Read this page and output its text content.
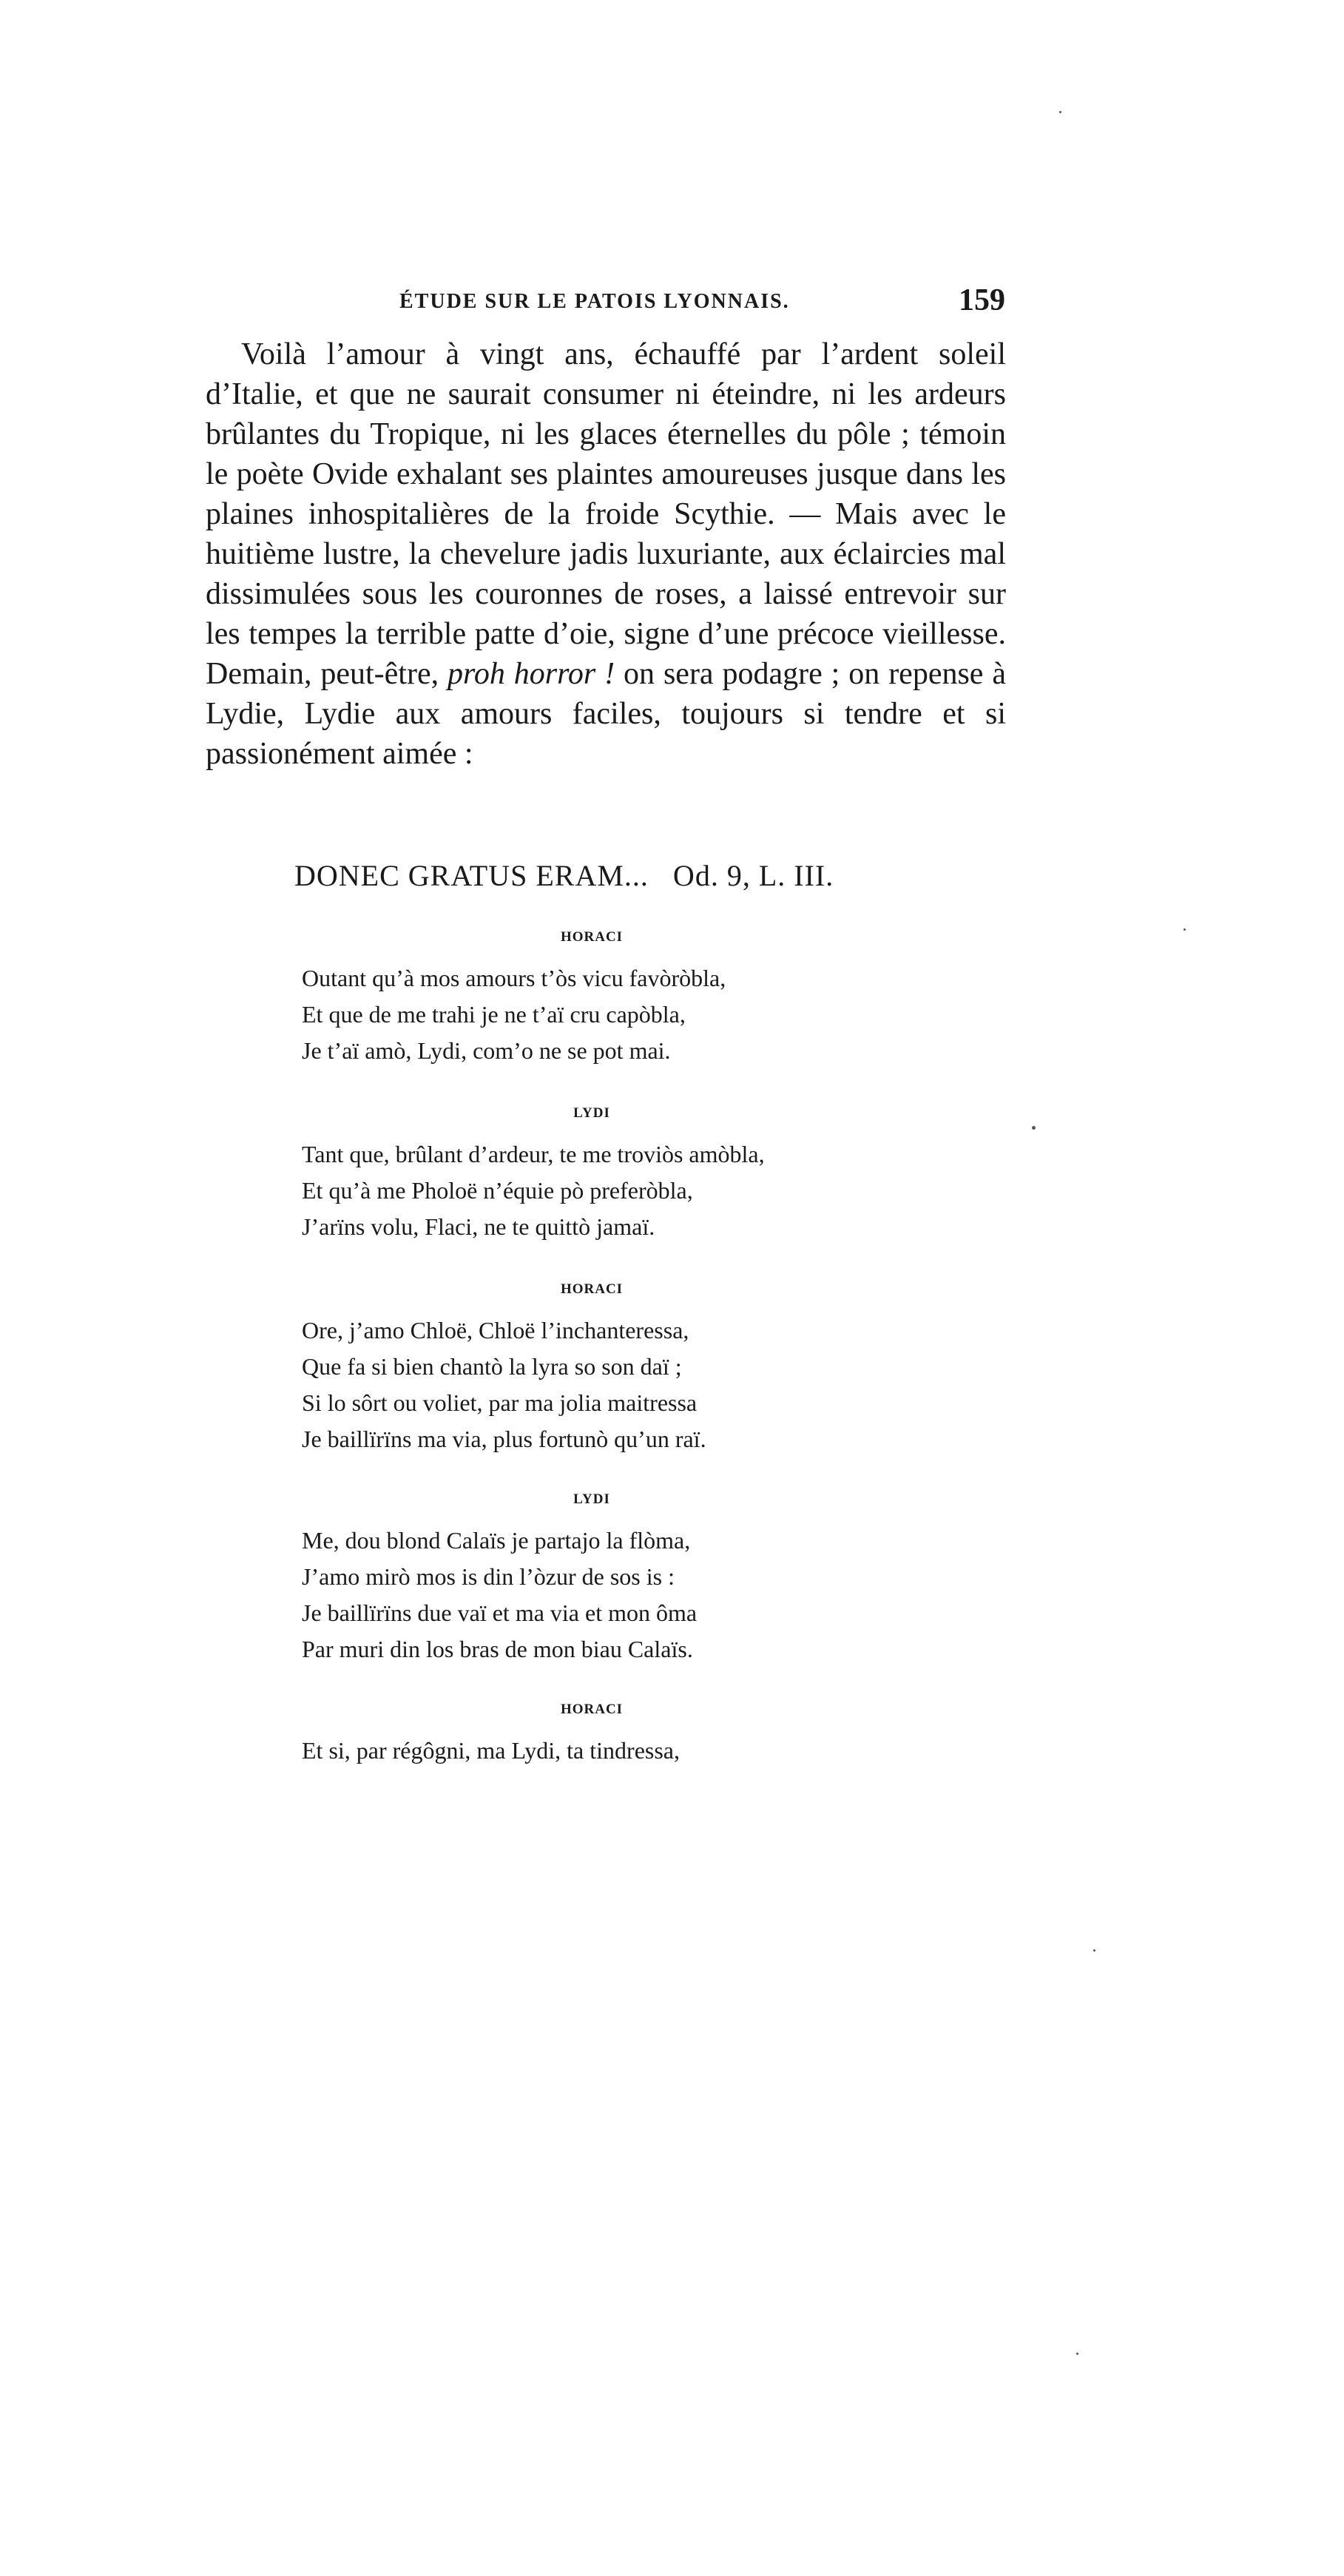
ÉTUDE SUR LE PATOIS LYONNAIS.	159

Voilà l’amour à vingt ans, échauffé par l’ardent soleil d’Italie, et que ne saurait consumer ni éteindre, ni les ardeurs brûlantes du Tropique, ni les glaces éternelles du pôle ; témoin le poète Ovide exhalant ses plaintes amoureuses jusque dans les plaines inhospitalières de la froide Scythie. — Mais avec le huitième lustre, la chevelure jadis luxuriante, aux éclaircies mal dissimulées sous les couronnes de roses, a laissé entrevoir sur les tempes la terrible patte d’oie, signe d’une précoce vieillesse. Demain, peut-être, proh horror ! on sera podagre ; on repense à Lydie, Lydie aux amours faciles, toujours si tendre et si passionément aimée :

DONEC GRATUS ERAM...   Od. 9, L. III.
HORACI
Outant qu’à mos amours t’òs vicu favòròbla,
Et que de me trahi je ne t’aï cru capòbla,
Je t’aï amò, Lydi, com’o ne se pot mai.
LYDI
Tant que, brûlant d’ardeur, te me troviòs amòbla,
Et qu’à me Pholoë n’équie pò preferòbla,
J’arïns volu, Flaci, ne te quittò jamaï.
HORACI
Ore, j’amo Chloë, Chloë l’inchanteressa,
Que fa si bien chantò la lyra so son daï ;
Si lo sôrt ou voliet, par ma jolia maitressa
Je baillïrïns ma via, plus fortunò qu’un raï.
LYDI
Me, dou blond Calaïs je partajo la flòma,
J’amo mirò mos is din l’òzur de sos is :
Je baillïrïns due vaï et ma via et mon ôma
Par muri din los bras de mon biau Calaïs.
HORACI
Et si, par régôgni, ma Lydi, ta tindressa,
